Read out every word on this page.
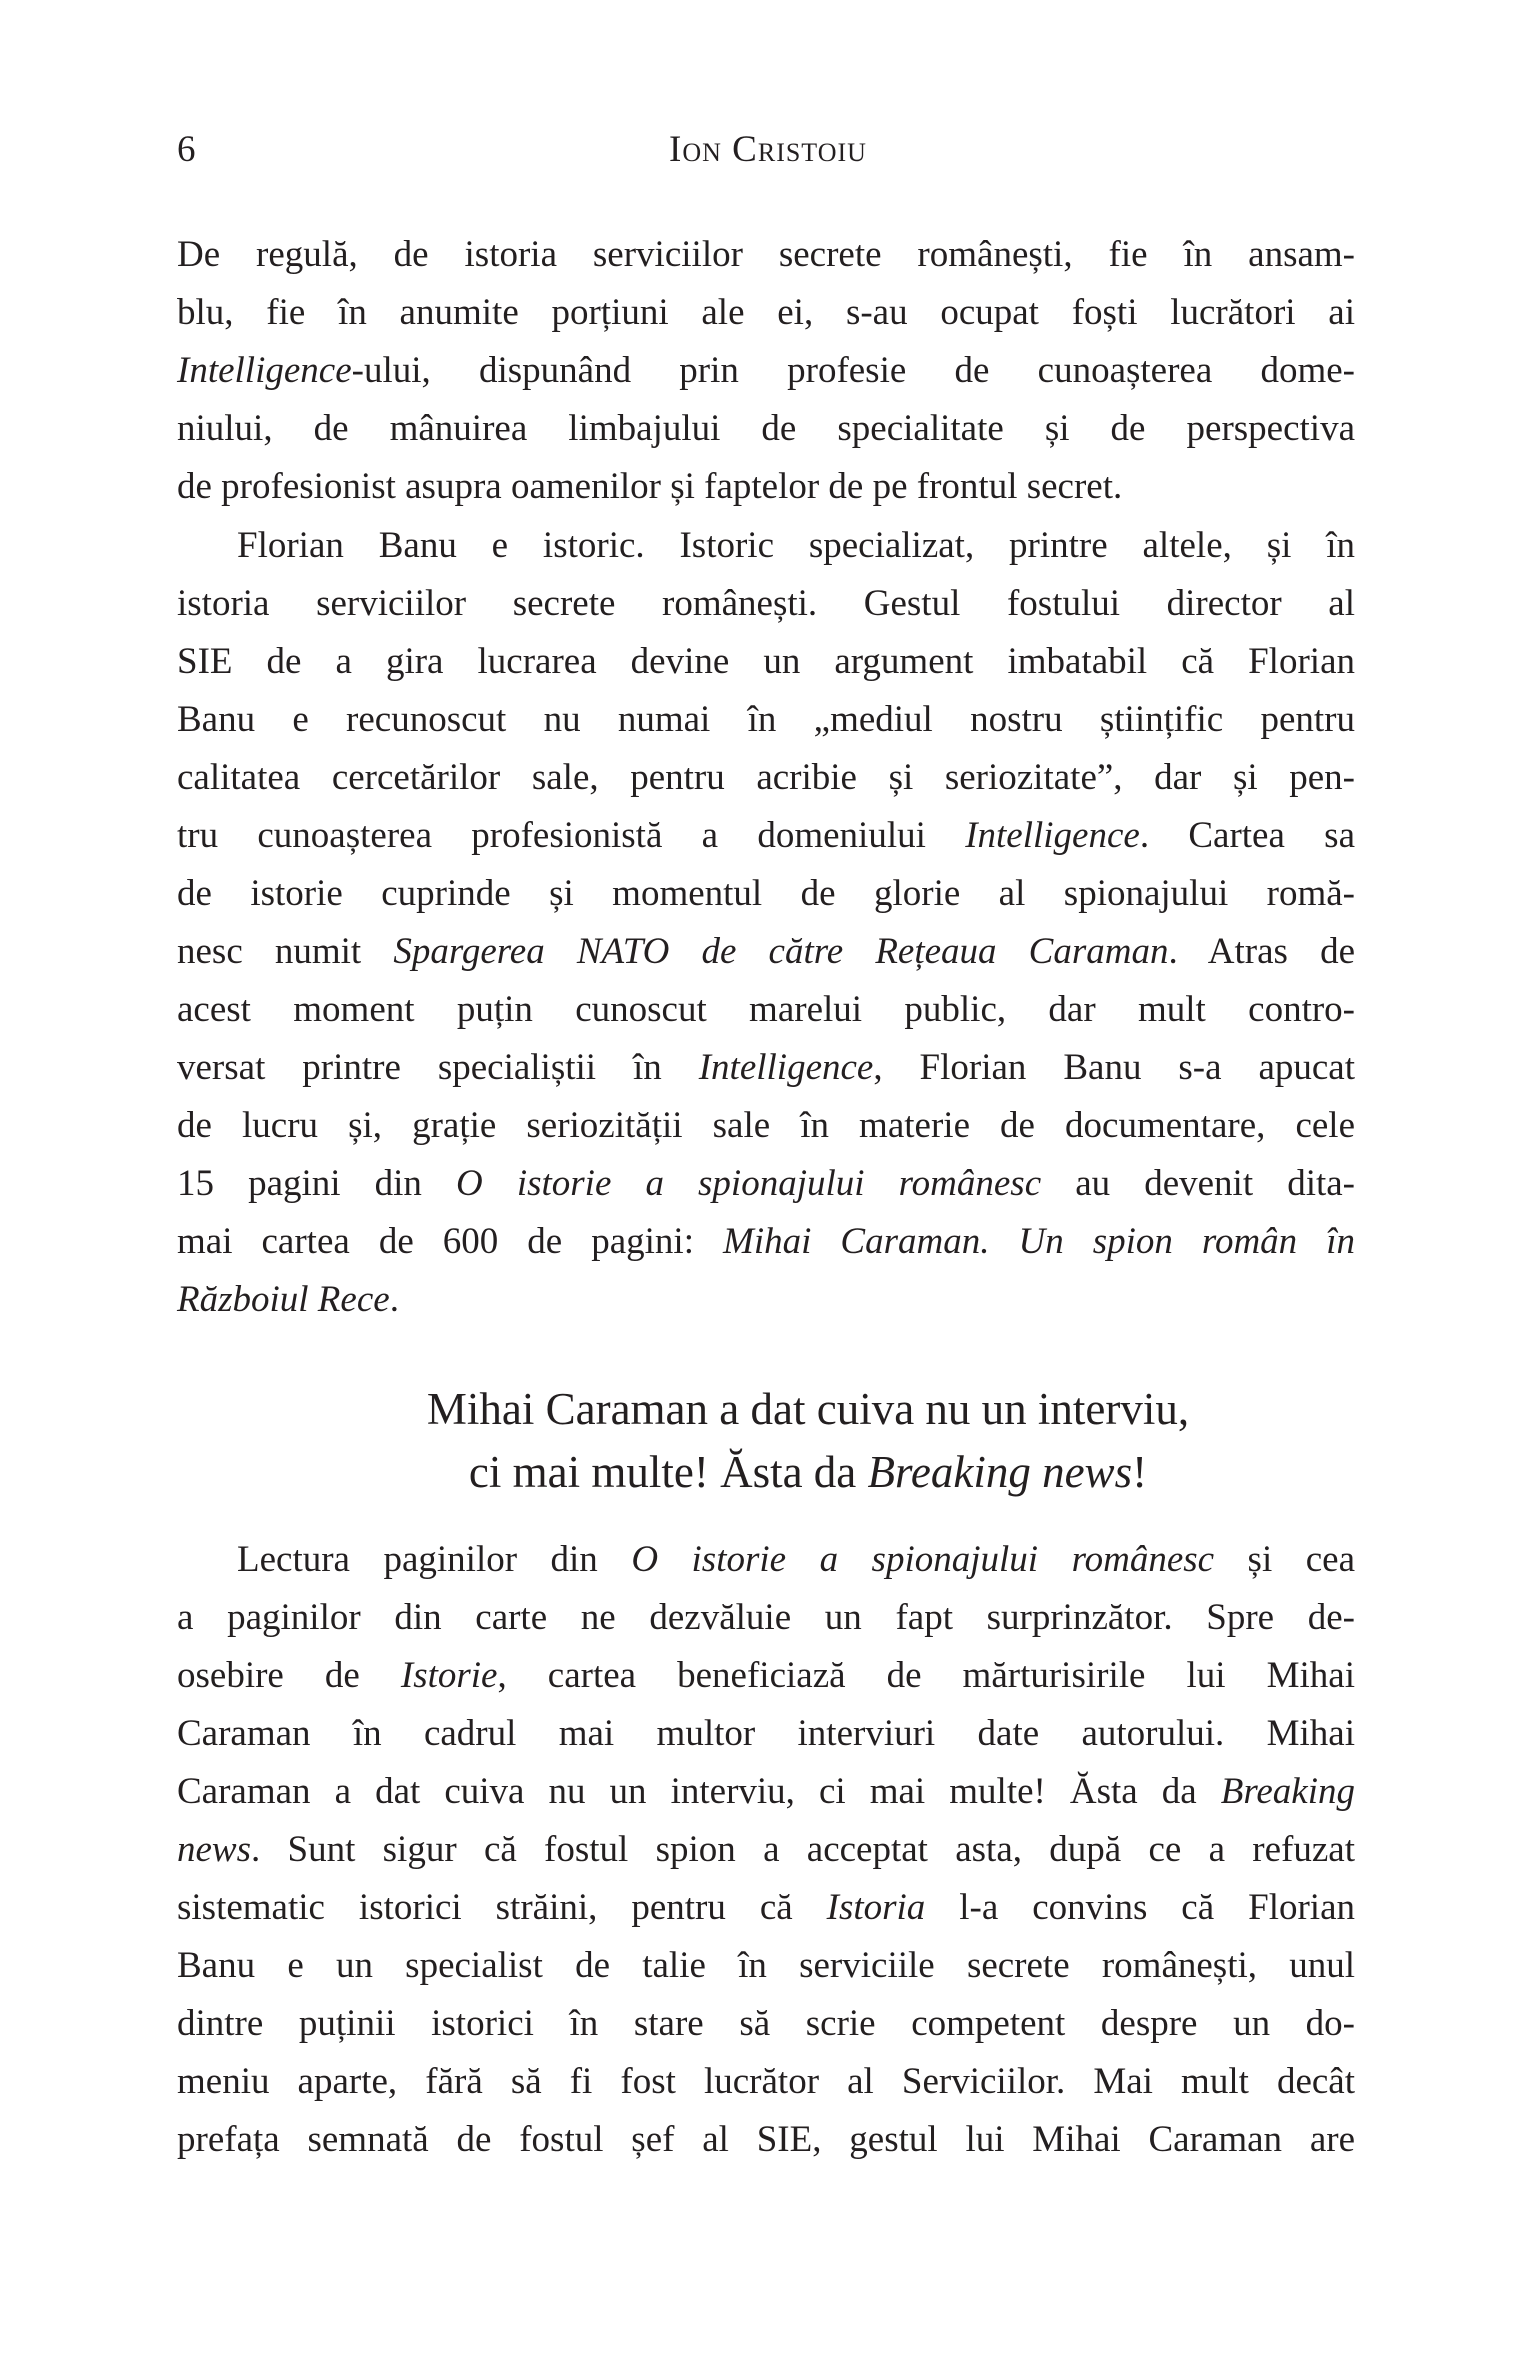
6	Ion Cristoiu
De regulă, de istoria serviciilor secrete românești, fie în ansam-
blu, fie în anumite porțiuni ale ei, s-au ocupat foști lucrători ai
Intelligence-ului, dispunând prin profesie de cunoașterea dome-
niului, de mânuirea limbajului de specialitate și de perspectiva
de profesionist asupra oamenilor și faptelor de pe frontul secret.
Florian Banu e istoric. Istoric specializat, printre altele, și în
istoria serviciilor secrete românești. Gestul fostului director al
SIE de a gira lucrarea devine un argument imbatabil că Florian
Banu e recunoscut nu numai în „mediul nostru științific pentru
calitatea cercetărilor sale, pentru acribie și seriozitate”, dar și pen-
tru cunoașterea profesionistă a domeniului Intelligence. Cartea sa
de istorie cuprinde și momentul de glorie al spionajului romă-
nesc numit Spargerea NATO de către Rețeaua Caraman. Atras de
acest moment puțin cunoscut marelui public, dar mult contro-
versat printre specialiștii în Intelligence, Florian Banu s-a apucat
de lucru și, grație seriozității sale în materie de documentare, cele
15 pagini din O istorie a spionajului românesc au devenit dita-
mai cartea de 600 de pagini: Mihai Caraman. Un spion român în
Războiul Rece.
Mihai Caraman a dat cuiva nu un interviu,
ci mai multe! Ăsta da Breaking news!
Lectura paginilor din O istorie a spionajului românesc și cea
a paginilor din carte ne dezvăluie un fapt surprinzător. Spre de-
osebire de Istorie, cartea beneficiază de mărturisirile lui Mihai
Caraman în cadrul mai multor interviuri date autorului. Mihai
Caraman a dat cuiva nu un interviu, ci mai multe! Ăsta da Breaking
news. Sunt sigur că fostul spion a acceptat asta, după ce a refuzat
sistematic istorici străini, pentru că Istoria l-a convins că Florian
Banu e un specialist de talie în serviciile secrete românești, unul
dintre puținii istorici în stare să scrie competent despre un do-
meniu aparte, fără să fi fost lucrător al Serviciilor. Mai mult decât
prefața semnată de fostul șef al SIE, gestul lui Mihai Caraman are
